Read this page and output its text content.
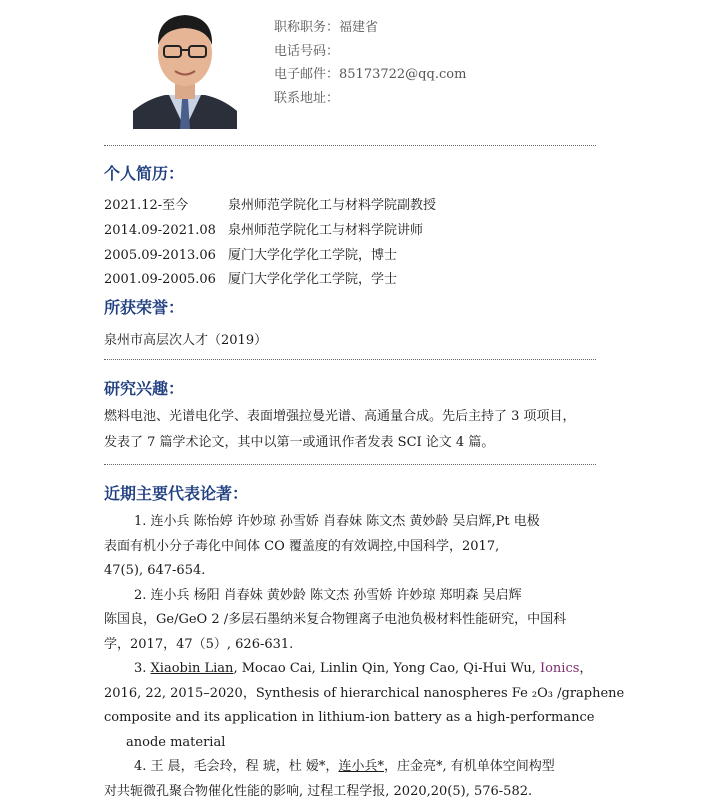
职称职务：福建省
电话号码：
电子邮件：85173722@qq.com
联系地址：
个人简历：
2021.12-至今	泉州师范学院化工与材料学院副教授
2014.09-2021.08 泉州师范学院化工与材料学院讲师
2005.09-2013.06 厦门大学化学化工学院，博士
2001.09-2005.06 厦门大学化学化工学院，学士
所获荣誉：
泉州市高层次人才（2019）
研究兴趣：
燃料电池、光谱电化学、表面增强拉曼光谱、高通量合成。先后主持了 3 项项目，
发表了 7 篇学术论文，其中以第一或通讯作者发表 SCI 论文 4 篇。
近期主要代表论著：
1. 连小兵 陈怡婷 许妙琼 孙雪娇 肖春妹 陈文杰 黄妙龄 吴启辉,Pt 电极
表面有机小分子毒化中间体 CO 覆盖度的有效调控,中国科学，2017,
47(5), 647-654.
2. 连小兵 杨阳 肖春妹 黄妙龄 陈文杰 孙雪娇 许妙琼 郑明森 吴启辉
陈国良，Ge/GeO 2 /多层石墨纳米复合物锂离子电池负极材料性能研究，中国科
学，2017，47（5）, 626-631.
3. Xiaobin Lian, Mocao Cai, Linlin Qin, Yong Cao, Qi-Hui Wu, Ionics，
2016, 22, 2015–2020，Synthesis of hierarchical nanospheres Fe ₂O₃ /graphene
composite and its application in lithium-ion battery as a high-performance
anode material
4. 王 晨，毛会玲，程 琥，杜 嫒*，连小兵*，庄金亮*, 有机单体空间构型
对共轭微孔聚合物催化性能的影响, 过程工程学报, 2020,20(5), 576-582.
